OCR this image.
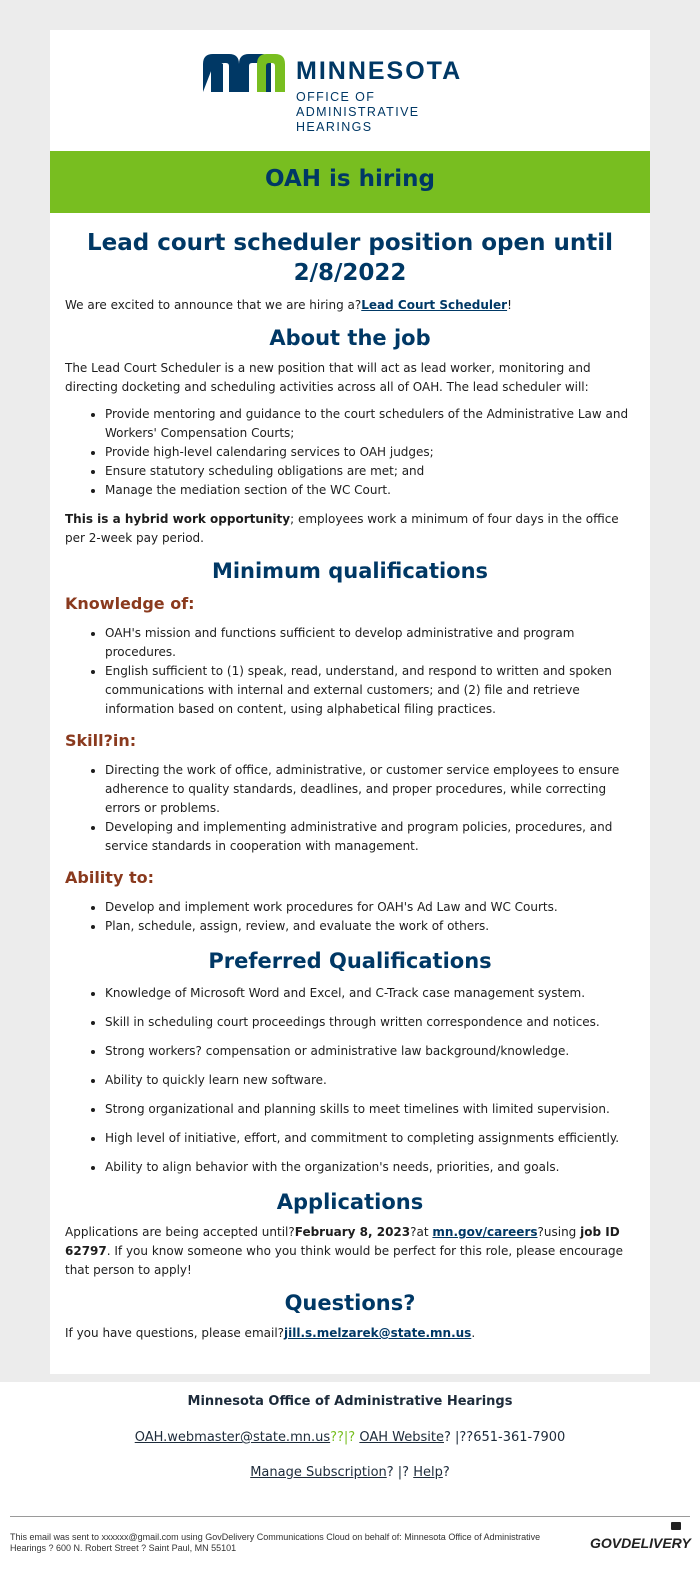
MINNESOTA
OFFICE OF
ADMINISTRATIVE
HEARINGS
OAH is hiring
Lead court scheduler position open until 2/8/2022

We are excited to announce that we are hiring a?Lead Court Scheduler!

About the job

The Lead Court Scheduler is a new position that will act as lead worker, monitoring and directing docketing and scheduling activities across all of OAH. The lead scheduler will:

• Provide mentoring and guidance to the court schedulers of the Administrative Law and Workers' Compensation Courts;
• Provide high-level calendaring services to OAH judges;
• Ensure statutory scheduling obligations are met; and
• Manage the mediation section of the WC Court.

This is a hybrid work opportunity; employees work a minimum of four days in the office per 2-week pay period.

Minimum qualifications
Knowledge of:
• OAH's mission and functions sufficient to develop administrative and program procedures.
• English sufficient to (1) speak, read, understand, and respond to written and spoken communications with internal and external customers; and (2) file and retrieve information based on content, using alphabetical filing practices.
Skill?in:
• Directing the work of office, administrative, or customer service employees to ensure adherence to quality standards, deadlines, and proper procedures, while correcting errors or problems.
• Developing and implementing administrative and program policies, procedures, and service standards in cooperation with management.
Ability to:
• Develop and implement work procedures for OAH's Ad Law and WC Courts.
• Plan, schedule, assign, review, and evaluate the work of others.
Preferred Qualifications
• Knowledge of Microsoft Word and Excel, and C-Track case management system.
• Skill in scheduling court proceedings through written correspondence and notices.
• Strong workers? compensation or administrative law background/knowledge.
• Ability to quickly learn new software.
• Strong organizational and planning skills to meet timelines with limited supervision.
• High level of initiative, effort, and commitment to completing assignments efficiently.
• Ability to align behavior with the organization's needs, priorities, and goals.
Applications

Applications are being accepted until?February 8, 2023?at mn.gov/careers?using job ID 62797. If you know someone who you think would be perfect for this role, please encourage that person to apply!

Questions?

If you have questions, please email?jill.s.melzarek@state.mn.us.

Minnesota Office of Administrative Hearings
OAH.webmaster@state.mn.us??|? OAH Website? |??651-361-7900
Manage Subscription? |? Help?
This email was sent to xxxxxx@gmail.com using GovDelivery Communications Cloud on behalf of: Minnesota Office of Administrative Hearings ? 600 N. Robert Street ? Saint Paul, MN 55101	GOVDELIVERY
